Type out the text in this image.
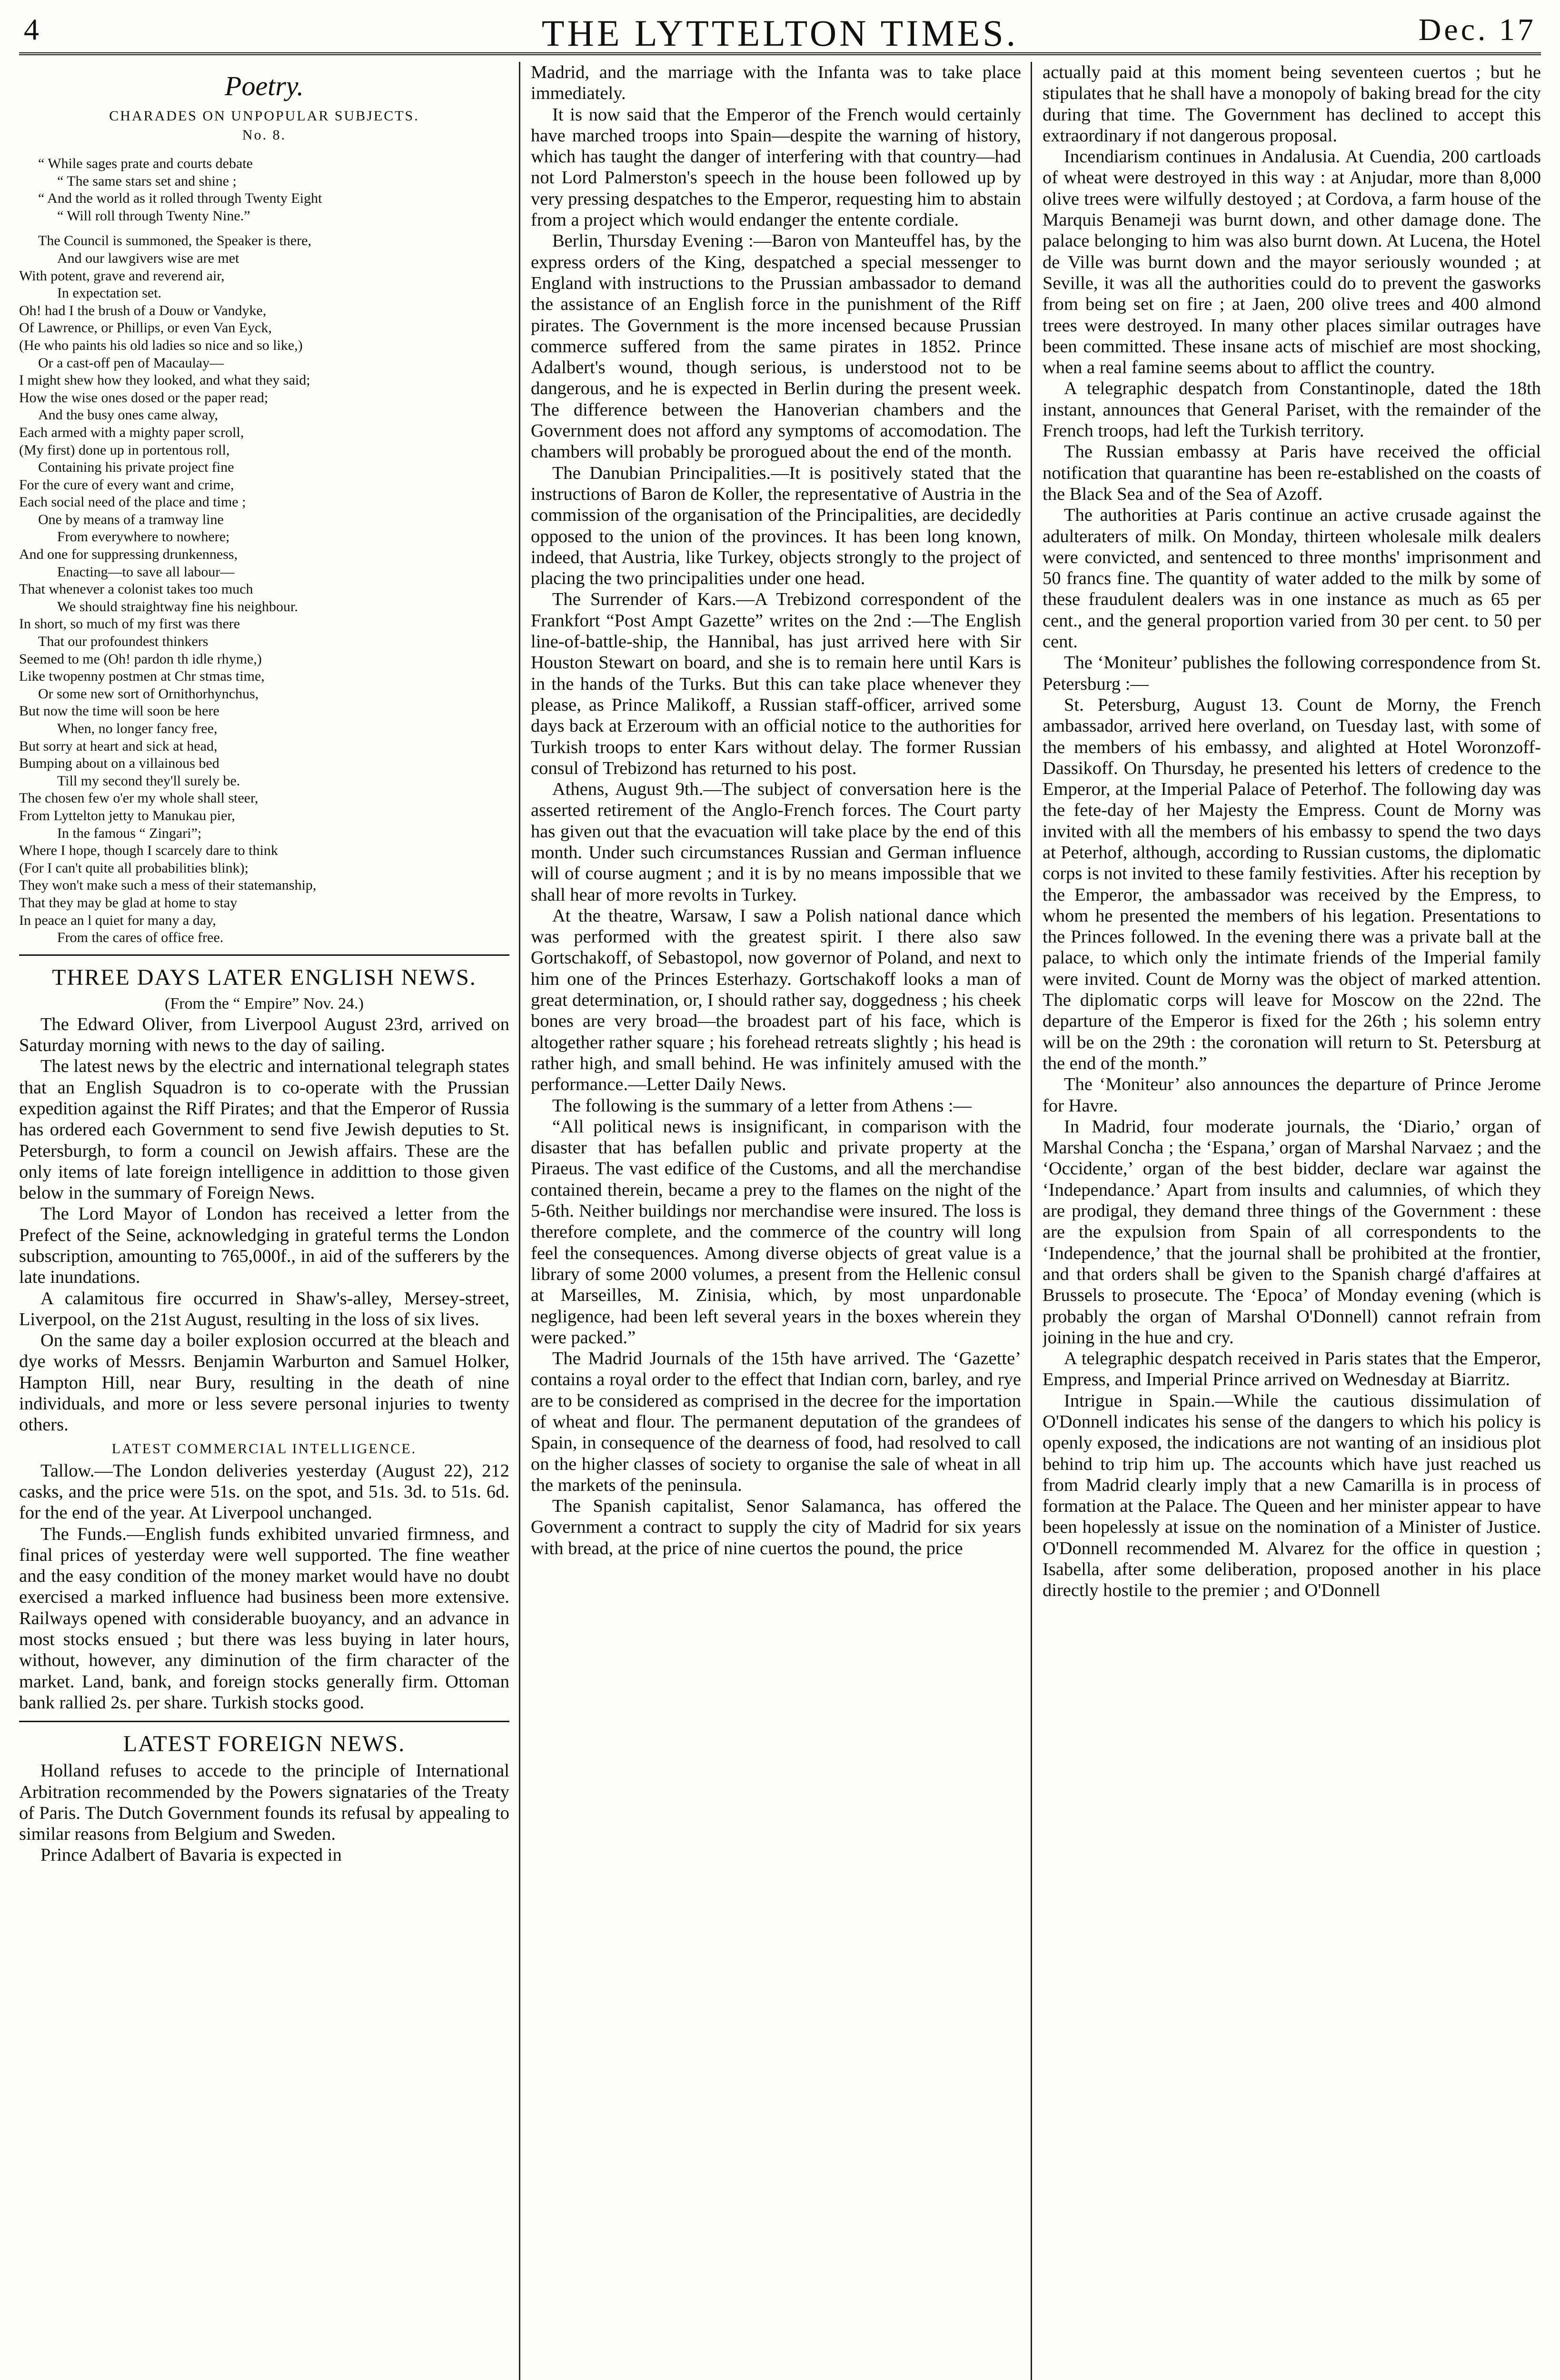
4	THE LYTTELTON TIMES.	Dec. 17
Poetry.
CHARADES ON UNPOPULAR SUBJECTS.
No. 8.
“ While sages prate and courts debate
“ The same stars set and shine ;
“ And the world as it rolled through Twenty Eight
“ Will roll through Twenty Nine.”
The Council is summoned, the Speaker is there,
And our lawgivers wise are met
With potent, grave and reverend air,
In expectation set.
Oh! had I the brush of a Douw or Vandyke,
Of Lawrence, or Phillips, or even Van Eyck,
(He who paints his old ladies so nice and so like,)
Or a cast-off pen of Macaulay—
I might shew how they looked, and what they said;
How the wise ones dosed or the paper read;
And the busy ones came alway,
Each armed with a mighty paper scroll,
(My first) done up in portentous roll,
Containing his private project fine
For the cure of every want and crime,
Each social need of the place and time ;
One by means of a tramway line
From everywhere to nowhere;
And one for suppressing drunkenness,
Enacting—to save all labour—
That whenever a colonist takes too much
We should straightway fine his neighbour.
In short, so much of my first was there
That our profoundest thinkers
Seemed to me (Oh! pardon th idle rhyme,)
Like twopenny postmen at Chr stmas time,
Or some new sort of Ornithorhynchus,
But now the time will soon be here
When, no longer fancy free,
But sorry at heart and sick at head,
Bumping about on a villainous bed
Till my second they'll surely be.
The chosen few o'er my whole shall steer,
From Lyttelton jetty to Manukau pier,
In the famous “ Zingari”;
Where I hope, though I scarcely dare to think
(For I can't quite all probabilities blink);
They won't make such a mess of their statemanship,
That they may be glad at home to stay
In peace an l quiet for many a day,
From the cares of office free.
THREE DAYS LATER ENGLISH NEWS.
(From the “ Empire” Nov. 24.)

The Edward Oliver, from Liverpool August 23rd, arrived on Saturday morning with news to the day of sailing.

The latest news by the electric and international telegraph states that an English Squadron is to co-operate with the Prussian expedition against the Riff Pirates; and that the Emperor of Russia has ordered each Government to send five Jewish deputies to St. Petersburgh, to form a council on Jewish affairs. These are the only items of late foreign intelligence in addittion to those given below in the summary of Foreign News.

The Lord Mayor of London has received a letter from the Prefect of the Seine, acknowledging in grateful terms the London subscription, amounting to 765,000f., in aid of the sufferers by the late inundations.

A calamitous fire occurred in Shaw's-alley, Mersey-street, Liverpool, on the 21st August, resulting in the loss of six lives.

On the same day a boiler explosion occurred at the bleach and dye works of Messrs. Benjamin Warburton and Samuel Holker, Hampton Hill, near Bury, resulting in the death of nine individuals, and more or less severe personal injuries to twenty others.

LATEST COMMERCIAL INTELLIGENCE.

Tallow.—The London deliveries yesterday (August 22), 212 casks, and the price were 51s. on the spot, and 51s. 3d. to 51s. 6d. for the end of the year. At Liverpool unchanged.

The Funds.—English funds exhibited unvaried firmness, and final prices of yesterday were well supported. The fine weather and the easy condition of the money market would have no doubt exercised a marked influence had business been more extensive. Railways opened with considerable buoyancy, and an advance in most stocks ensued ; but there was less buying in later hours, without, however, any diminution of the firm character of the market. Land, bank, and foreign stocks generally firm. Ottoman bank rallied 2s. per share. Turkish stocks good.

LATEST FOREIGN NEWS.

Holland refuses to accede to the principle of International Arbitration recommended by the Powers signataries of the Treaty of Paris. The Dutch Government founds its refusal by appealing to similar reasons from Belgium and Sweden.

Prince Adalbert of Bavaria is expected in

Madrid, and the marriage with the Infanta was to take place immediately.

It is now said that the Emperor of the French would certainly have marched troops into Spain—despite the warning of history, which has taught the danger of interfering with that country—had not Lord Palmerston's speech in the house been followed up by very pressing despatches to the Emperor, requesting him to abstain from a project which would endanger the entente cordiale.

Berlin, Thursday Evening :—Baron von Manteuffel has, by the express orders of the King, despatched a special messenger to England with instructions to the Prussian ambassador to demand the assistance of an English force in the punishment of the Riff pirates. The Government is the more incensed because Prussian commerce suffered from the same pirates in 1852. Prince Adalbert's wound, though serious, is understood not to be dangerous, and he is expected in Berlin during the present week. The difference between the Hanoverian chambers and the Government does not afford any symptoms of accomodation. The chambers will probably be prorogued about the end of the month.

The Danubian Principalities.—It is positively stated that the instructions of Baron de Koller, the representative of Austria in the commission of the organisation of the Principalities, are decidedly opposed to the union of the provinces. It has been long known, indeed, that Austria, like Turkey, objects strongly to the project of placing the two principalities under one head.

The Surrender of Kars.—A Trebizond correspondent of the Frankfort “Post Ampt Gazette” writes on the 2nd :—The English line-of-battle-ship, the Hannibal, has just arrived here with Sir Houston Stewart on board, and she is to remain here until Kars is in the hands of the Turks. But this can take place whenever they please, as Prince Malikoff, a Russian staff-officer, arrived some days back at Erzeroum with an official notice to the authorities for Turkish troops to enter Kars without delay. The former Russian consul of Trebizond has returned to his post.

Athens, August 9th.—The subject of conversation here is the asserted retirement of the Anglo-French forces. The Court party has given out that the evacuation will take place by the end of this month. Under such circumstances Russian and German influence will of course augment ; and it is by no means impossible that we shall hear of more revolts in Turkey.

At the theatre, Warsaw, I saw a Polish national dance which was performed with the greatest spirit. I there also saw Gortschakoff, of Sebastopol, now governor of Poland, and next to him one of the Princes Esterhazy. Gortschakoff looks a man of great determination, or, I should rather say, doggedness ; his cheek bones are very broad—the broadest part of his face, which is altogether rather square ; his forehead retreats slightly ; his head is rather high, and small behind. He was infinitely amused with the performance.—Letter Daily News.

The following is the summary of a letter from Athens :—

“All political news is insignificant, in comparison with the disaster that has befallen public and private property at the Piraeus. The vast edifice of the Customs, and all the merchandise contained therein, became a prey to the flames on the night of the 5-6th. Neither buildings nor merchandise were insured. The loss is therefore complete, and the commerce of the country will long feel the consequences. Among diverse objects of great value is a library of some 2000 volumes, a present from the Hellenic consul at Marseilles, M. Zinisia, which, by most unpardonable negligence, had been left several years in the boxes wherein they were packed.”

The Madrid Journals of the 15th have arrived. The ‘Gazette’ contains a royal order to the effect that Indian corn, barley, and rye are to be considered as comprised in the decree for the importation of wheat and flour. The permanent deputation of the grandees of Spain, in consequence of the dearness of food, had resolved to call on the higher classes of society to organise the sale of wheat in all the markets of the peninsula.

The Spanish capitalist, Senor Salamanca, has offered the Government a contract to supply the city of Madrid for six years with bread, at the price of nine cuertos the pound, the price

actually paid at this moment being seventeen cuertos ; but he stipulates that he shall have a monopoly of baking bread for the city during that time. The Government has declined to accept this extraordinary if not dangerous proposal.

Incendiarism continues in Andalusia. At Cuendia, 200 cartloads of wheat were destroyed in this way : at Anjudar, more than 8,000 olive trees were wilfully destoyed ; at Cordova, a farm house of the Marquis Benameji was burnt down, and other damage done. The palace belonging to him was also burnt down. At Lucena, the Hotel de Ville was burnt down and the mayor seriously wounded ; at Seville, it was all the authorities could do to prevent the gasworks from being set on fire ; at Jaen, 200 olive trees and 400 almond trees were destroyed. In many other places similar outrages have been committed. These insane acts of mischief are most shocking, when a real famine seems about to afflict the country.

A telegraphic despatch from Constantinople, dated the 18th instant, announces that General Pariset, with the remainder of the French troops, had left the Turkish territory.

The Russian embassy at Paris have received the official notification that quarantine has been re-established on the coasts of the Black Sea and of the Sea of Azoff.

The authorities at Paris continue an active crusade against the adulteraters of milk. On Monday, thirteen wholesale milk dealers were convicted, and sentenced to three months' imprisonment and 50 francs fine. The quantity of water added to the milk by some of these fraudulent dealers was in one instance as much as 65 per cent., and the general proportion varied from 30 per cent. to 50 per cent.

The ‘Moniteur’ publishes the following correspondence from St. Petersburg :—

St. Petersburg, August 13. Count de Morny, the French ambassador, arrived here overland, on Tuesday last, with some of the members of his embassy, and alighted at Hotel Woronzoff-Dassikoff. On Thursday, he presented his letters of credence to the Emperor, at the Imperial Palace of Peterhof. The following day was the fete-day of her Majesty the Empress. Count de Morny was invited with all the members of his embassy to spend the two days at Peterhof, although, according to Russian customs, the diplomatic corps is not invited to these family festivities. After his reception by the Emperor, the ambassador was received by the Empress, to whom he presented the members of his legation. Presentations to the Princes followed. In the evening there was a private ball at the palace, to which only the intimate friends of the Imperial family were invited. Count de Morny was the object of marked attention. The diplomatic corps will leave for Moscow on the 22nd. The departure of the Emperor is fixed for the 26th ; his solemn entry will be on the 29th : the coronation will return to St. Petersburg at the end of the month.”

The ‘Moniteur’ also announces the departure of Prince Jerome for Havre.

In Madrid, four moderate journals, the ‘Diario,’ organ of Marshal Concha ; the ‘Espana,’ organ of Marshal Narvaez ; and the ‘Occidente,’ organ of the best bidder, declare war against the ‘Independance.’ Apart from insults and calumnies, of which they are prodigal, they demand three things of the Government : these are the expulsion from Spain of all correspondents to the ‘Independence,’ that the journal shall be prohibited at the frontier, and that orders shall be given to the Spanish chargé d'affaires at Brussels to prosecute. The ‘Epoca’ of Monday evening (which is probably the organ of Marshal O'Donnell) cannot refrain from joining in the hue and cry.

A telegraphic despatch received in Paris states that the Emperor, Empress, and Imperial Prince arrived on Wednesday at Biarritz.

Intrigue in Spain.—While the cautious dissimulation of O'Donnell indicates his sense of the dangers to which his policy is openly exposed, the indications are not wanting of an insidious plot behind to trip him up. The accounts which have just reached us from Madrid clearly imply that a new Camarilla is in process of formation at the Palace. The Queen and her minister appear to have been hopelessly at issue on the nomination of a Minister of Justice. O'Donnell recommended M. Alvarez for the office in question ; Isabella, after some deliberation, proposed another in his place directly hostile to the premier ; and O'Donnell
